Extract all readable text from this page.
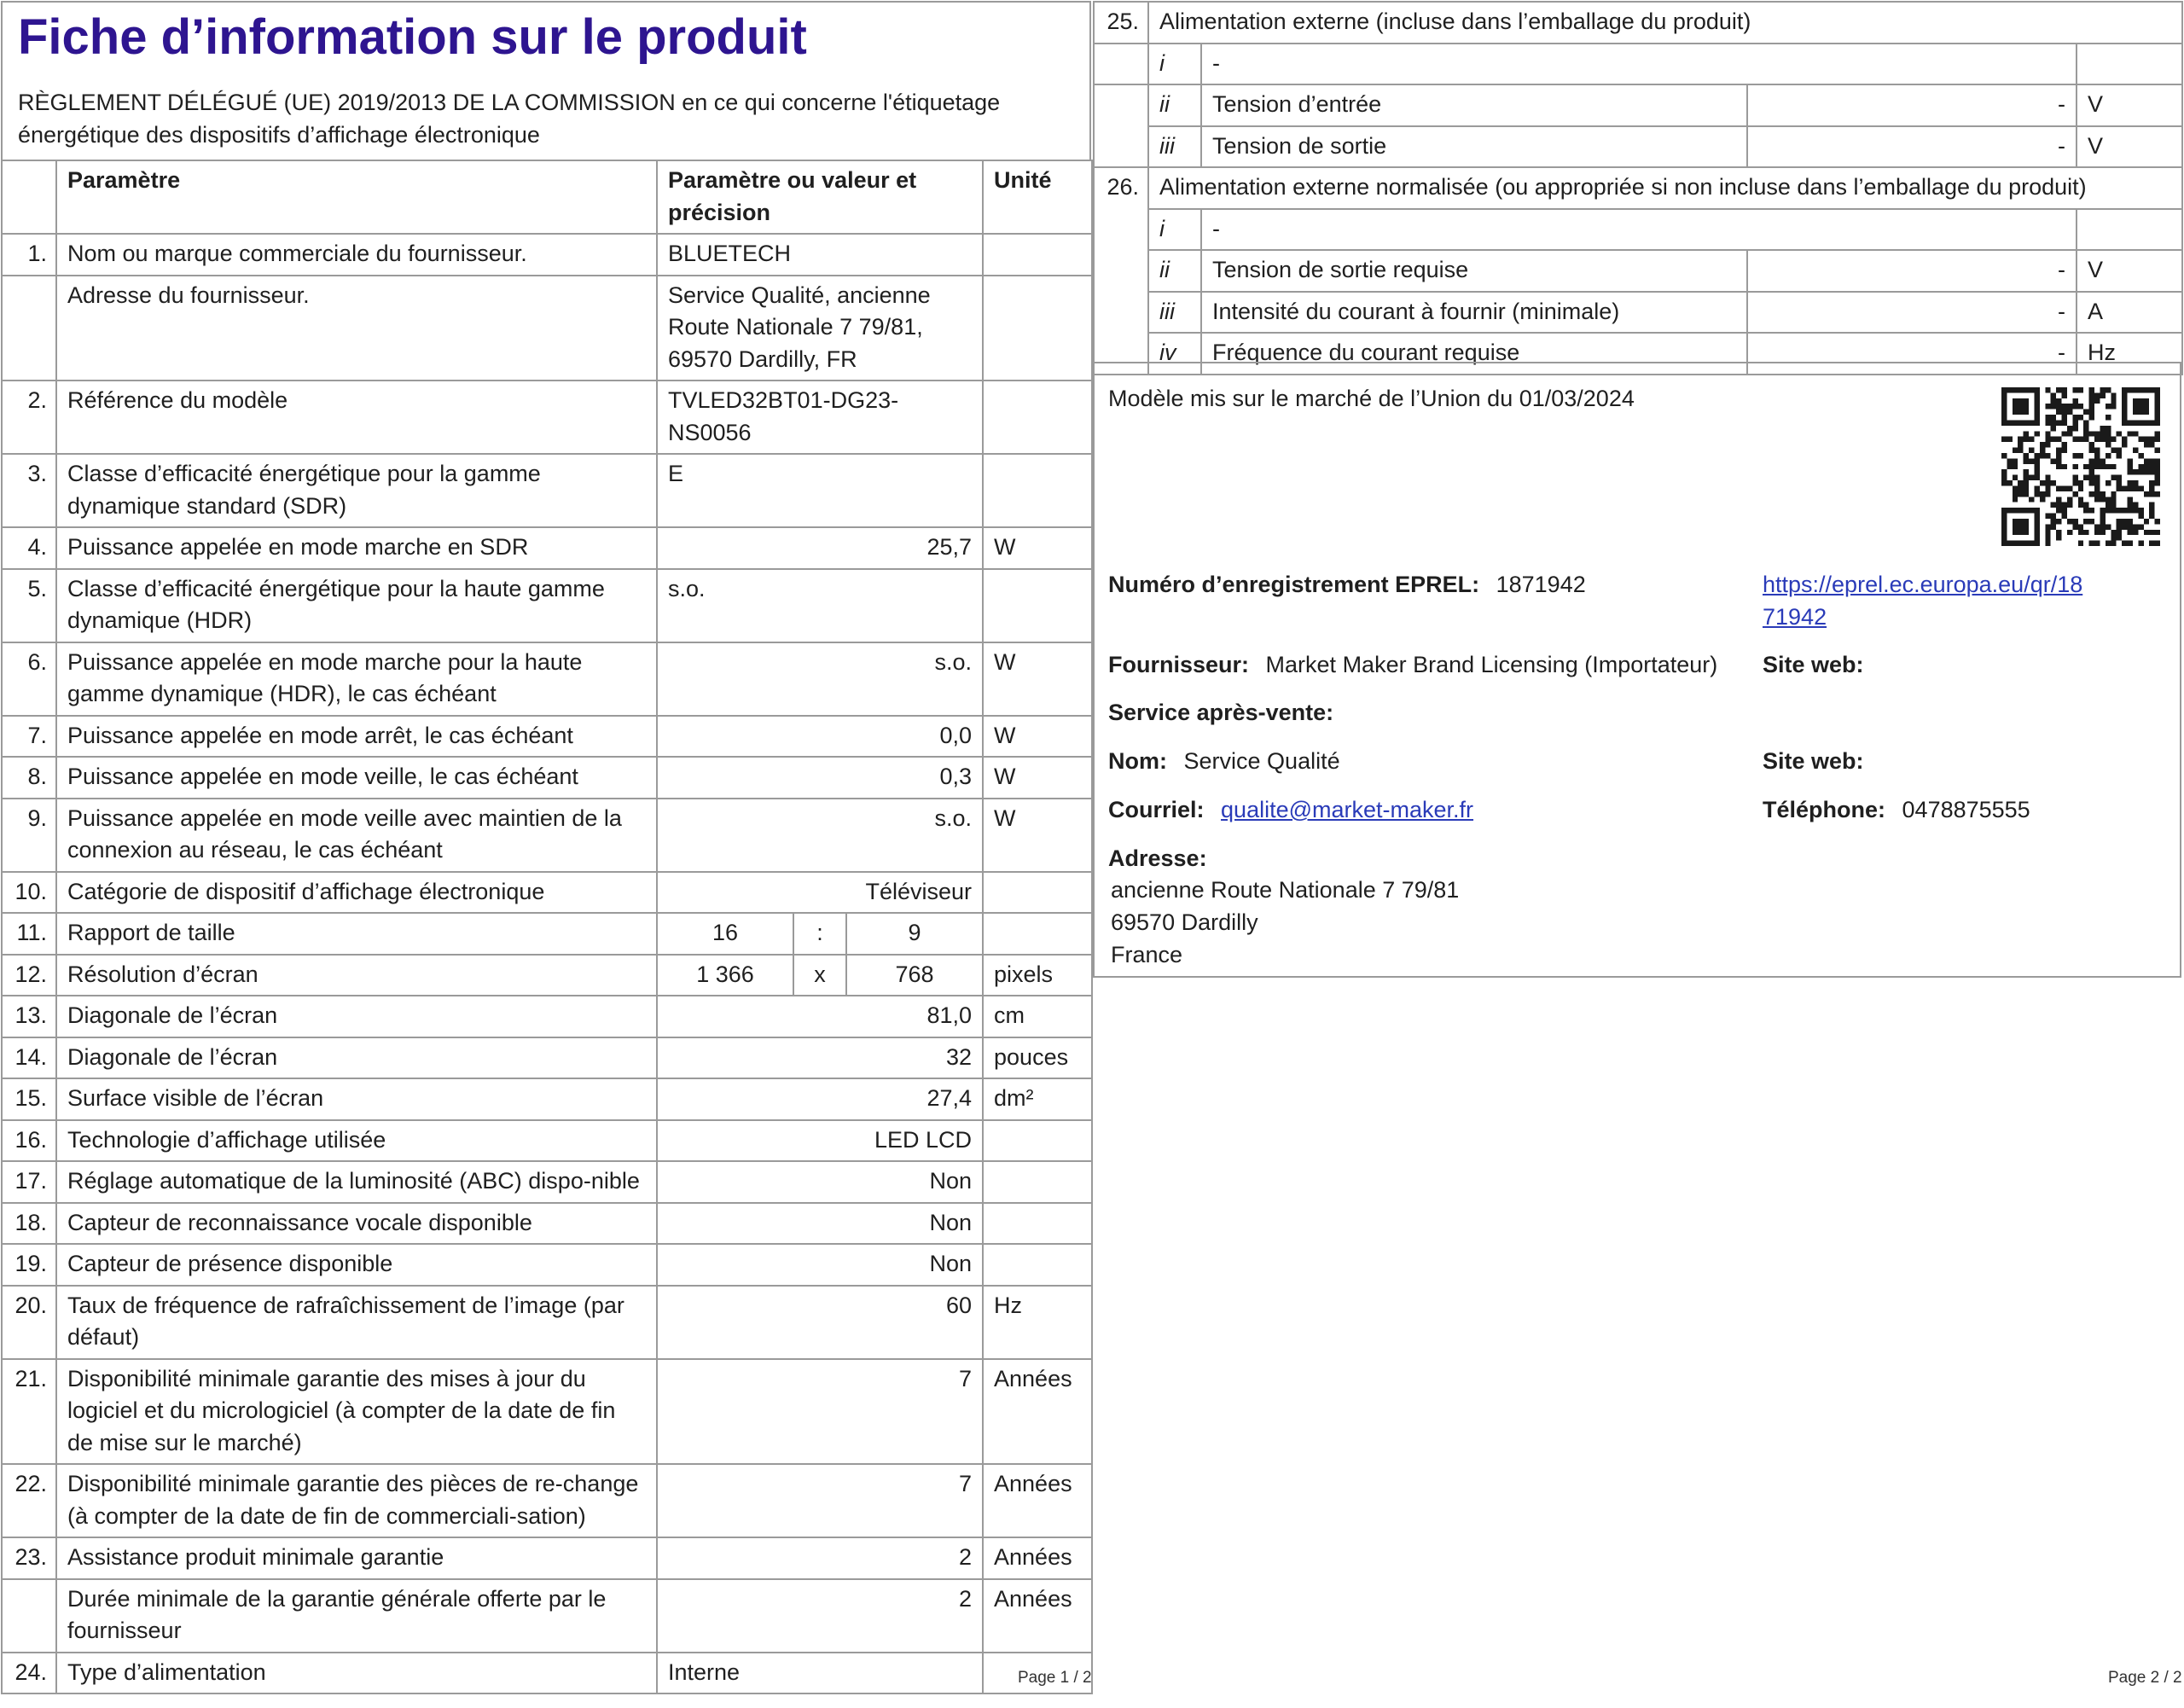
Fiche d’information sur le produit
RÈGLEMENT DÉLÉGUÉ (UE) 2019/2013 DE LA COMMISSION en ce qui concerne l'étiquetage énergétique des dispositifs d’affichage électronique
	Paramètre	Paramètre ou valeur et précision			Unité
1.	Nom ou marque commerciale du fournisseur.	BLUETECH			
	Adresse du fournisseur.	Service Qualité, ancienne Route Nationale 7 79/81, 69570 Dardilly, FR			
2.	Référence du modèle	TVLED32BT01-DG23-NS0056			
3.	Classe d’efficacité énergétique pour la gamme dynamique standard (SDR)	E			
4.	Puissance appelée en mode marche en SDR	25,7			W
5.	Classe d’efficacité énergétique pour la haute gamme dynamique (HDR)	s.o.			
6.	Puissance appelée en mode marche pour la haute gamme dynamique (HDR), le cas échéant	s.o.			W
7.	Puissance appelée en mode arrêt, le cas échéant	0,0			W
8.	Puissance appelée en mode veille, le cas échéant	0,3			W
9.	Puissance appelée en mode veille avec maintien de la connexion au réseau, le cas échéant	s.o.			W
10.	Catégorie de dispositif d’affichage électronique	Téléviseur			
11.	Rapport de taille	16	:	9	
12.	Résolution d’écran	1 366	x	768	pixels
13.	Diagonale de l’écran	81,0			cm
14.	Diagonale de l’écran	32			pouces
15.	Surface visible de l’écran	27,4			dm²
16.	Technologie d’affichage utilisée	LED LCD			
17.	Réglage automatique de la luminosité (ABC) dispo-nible	Non			
18.	Capteur de reconnaissance vocale disponible	Non			
19.	Capteur de présence disponible	Non			
20.	Taux de fréquence de rafraîchissement de l’image (par défaut)	60			Hz
21.	Disponibilité minimale garantie des mises à jour du logiciel et du micrologiciel (à compter de la date de fin de mise sur le marché)	7			Années
22.	Disponibilité minimale garantie des pièces de re-change (à compter de la date de fin de commerciali-sation)	7			Années
23.	Assistance produit minimale garantie	2			Années
	Durée minimale de la garantie générale offerte par le fournisseur	2			Années
24.	Type d’alimentation	Interne				Page 1 / 2
25.	Alimentation externe (incluse dans l’emballage du produit)			
	i	-		
	ii	Tension d’entrée	-	V
	iii	Tension de sortie	-	V
26.	Alimentation externe normalisée (ou appropriée si non incluse dans l’emballage du produit)			
	i	-		
	ii	Tension de sortie requise	-	V
	iii	Intensité du courant à fournir (minimale)	-	A
	iv	Fréquence du courant requise	-	Hz
Modèle mis sur le marché de l’Union du 01/03/2024
Numéro d’enregistrement EPREL: 1871942	https://eprel.ec.europa.eu/qr/18
71942
Fournisseur: Market Maker Brand Licensing (Importateur) Site web:
Service après-vente:
Nom: Service Qualité	Site web:
Courriel: qualite@market-maker.fr	Téléphone: 0478875555
Adresse:
ancienne Route Nationale 7 79/81
69570 Dardilly
France
Page 2 / 2
